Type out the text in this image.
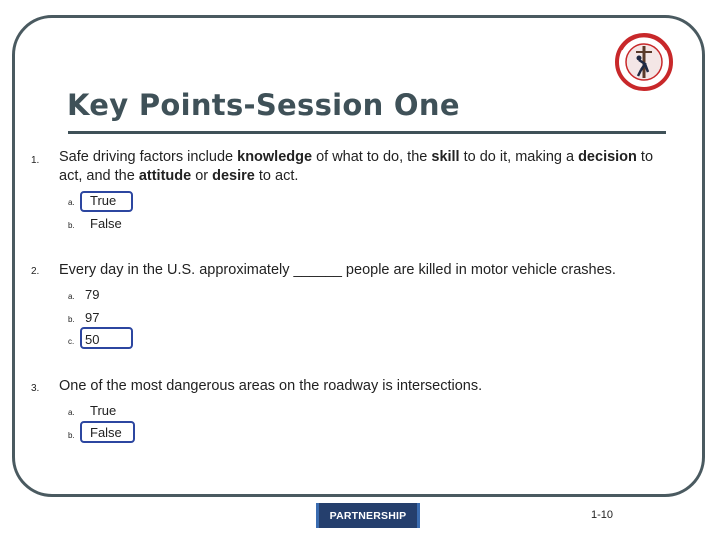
Key Points-Session One
1. Safe driving factors include knowledge of what to do, the skill to do it, making a decision to act, and the attitude or desire to act.

a. True
b. False
2. Every day in the U.S. approximately ______ people are killed in motor vehicle crashes.

a. 79
b. 97
c. 50
3. One of the most dangerous areas on the roadway is intersections.

a. True
b. False
PARTNERSHIP	1-10
